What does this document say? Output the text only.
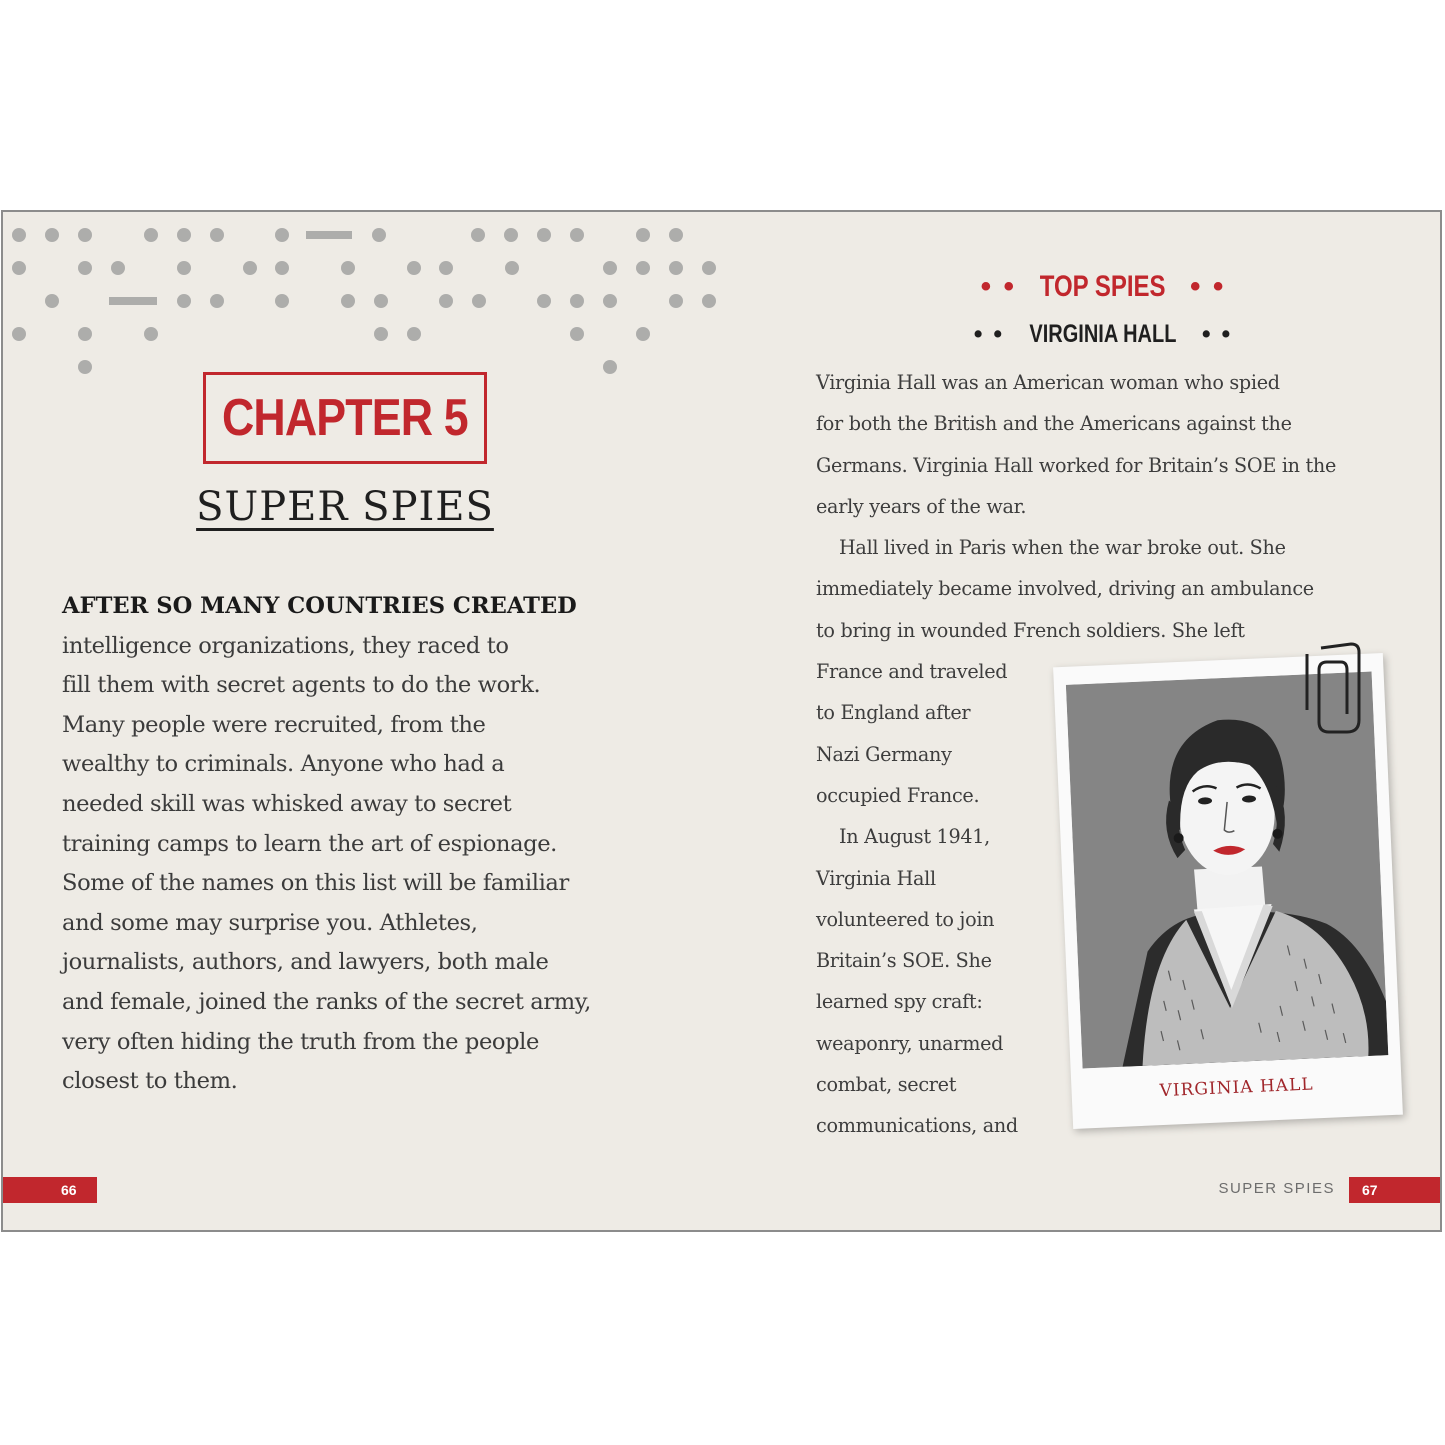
CHAPTER 5
SUPER SPIES
AFTER SO MANY COUNTRIES CREATED
intelligence organizations, they raced to
fill them with secret agents to do the work.
Many people were recruited, from the
wealthy to criminals. Anyone who had a
needed skill was whisked away to secret
training camps to learn the art of espionage.
Some of the names on this list will be familiar
and some may surprise you. Athletes,
journalists, authors, and lawyers, both male
and female, joined the ranks of the secret army,
very often hiding the truth from the people
closest to them.
66
• • TOP SPIES • •
• • VIRGINIA HALL • •
Virginia Hall was an American woman who spied
for both the British and the Americans against the
Germans. Virginia Hall worked for Britain’s SOE in the
early years of the war.
Hall lived in Paris when the war broke out. She
immediately became involved, driving an ambulance
to bring in wounded French soldiers. She left
France and traveled
to England after
Nazi Germany
occupied France.
In August 1941,
Virginia Hall
volunteered to join
Britain’s SOE. She
learned spy craft:
weaponry, unarmed
combat, secret
communications, and
VIRGINIA HALL
SUPER SPIES 67
